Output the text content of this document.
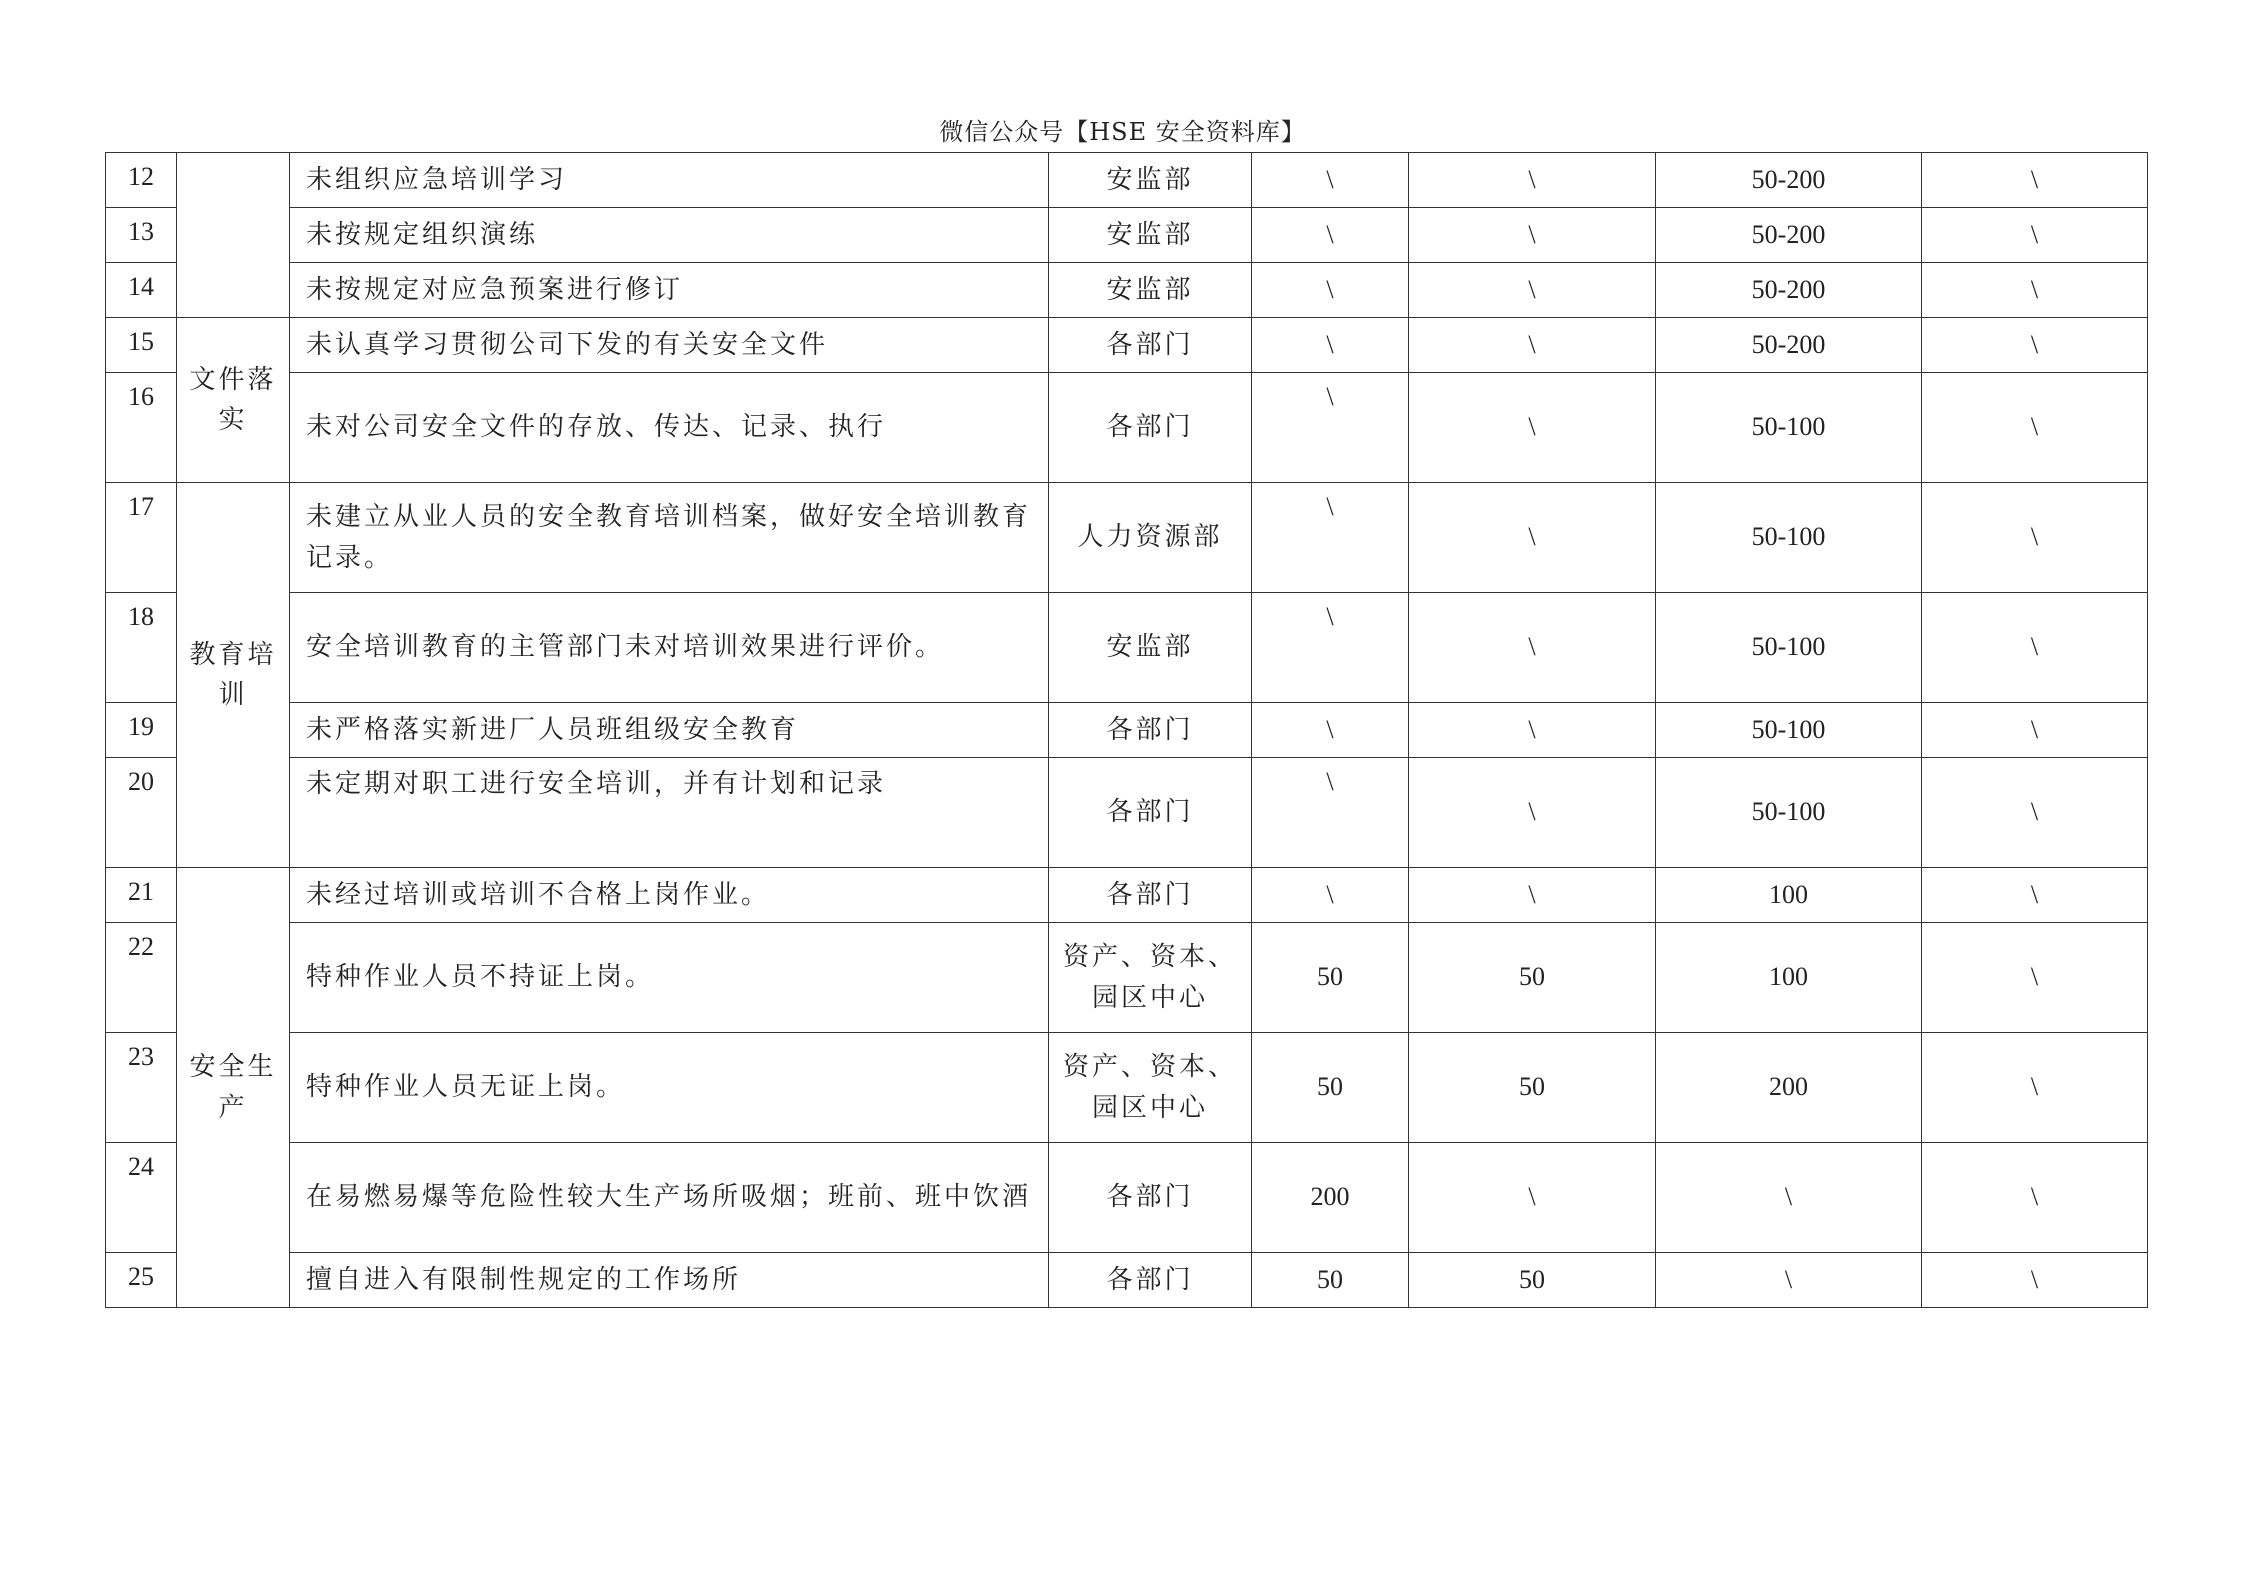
微信公众号【HSE 安全资料库】
12		未组织应急培训学习	安监部	\	\	50-200	\
13		未按规定组织演练	安监部	\	\	50-200	\
14		未按规定对应急预案进行修订	安监部	\	\	50-200	\
15	文件落实	未认真学习贯彻公司下发的有关安全文件	各部门	\	\	50-200	\
16		未对公司安全文件的存放、传达、记录、执行	各部门	\	\	50-100	\
17	教育培训	未建立从业人员的安全教育培训档案，做好安全培训教育记录。	人力资源部	\	\	50-100	\
18		安全培训教育的主管部门未对培训效果进行评价。	安监部	\	\	50-100	\
19		未严格落实新进厂人员班组级安全教育	各部门	\	\	50-100	\
20		未定期对职工进行安全培训，并有计划和记录	各部门	\	\	50-100	\
21	安全生产	未经过培训或培训不合格上岗作业。	各部门	\	\	100	\
22		特种作业人员不持证上岗。	资产、资本、园区中心	50	50	100	\
23		特种作业人员无证上岗。	资产、资本、园区中心	50	50	200	\
24		在易燃易爆等危险性较大生产场所吸烟；班前、班中饮酒	各部门	200	\	\	\
25		擅自进入有限制性规定的工作场所	各部门	50	50	\	\
